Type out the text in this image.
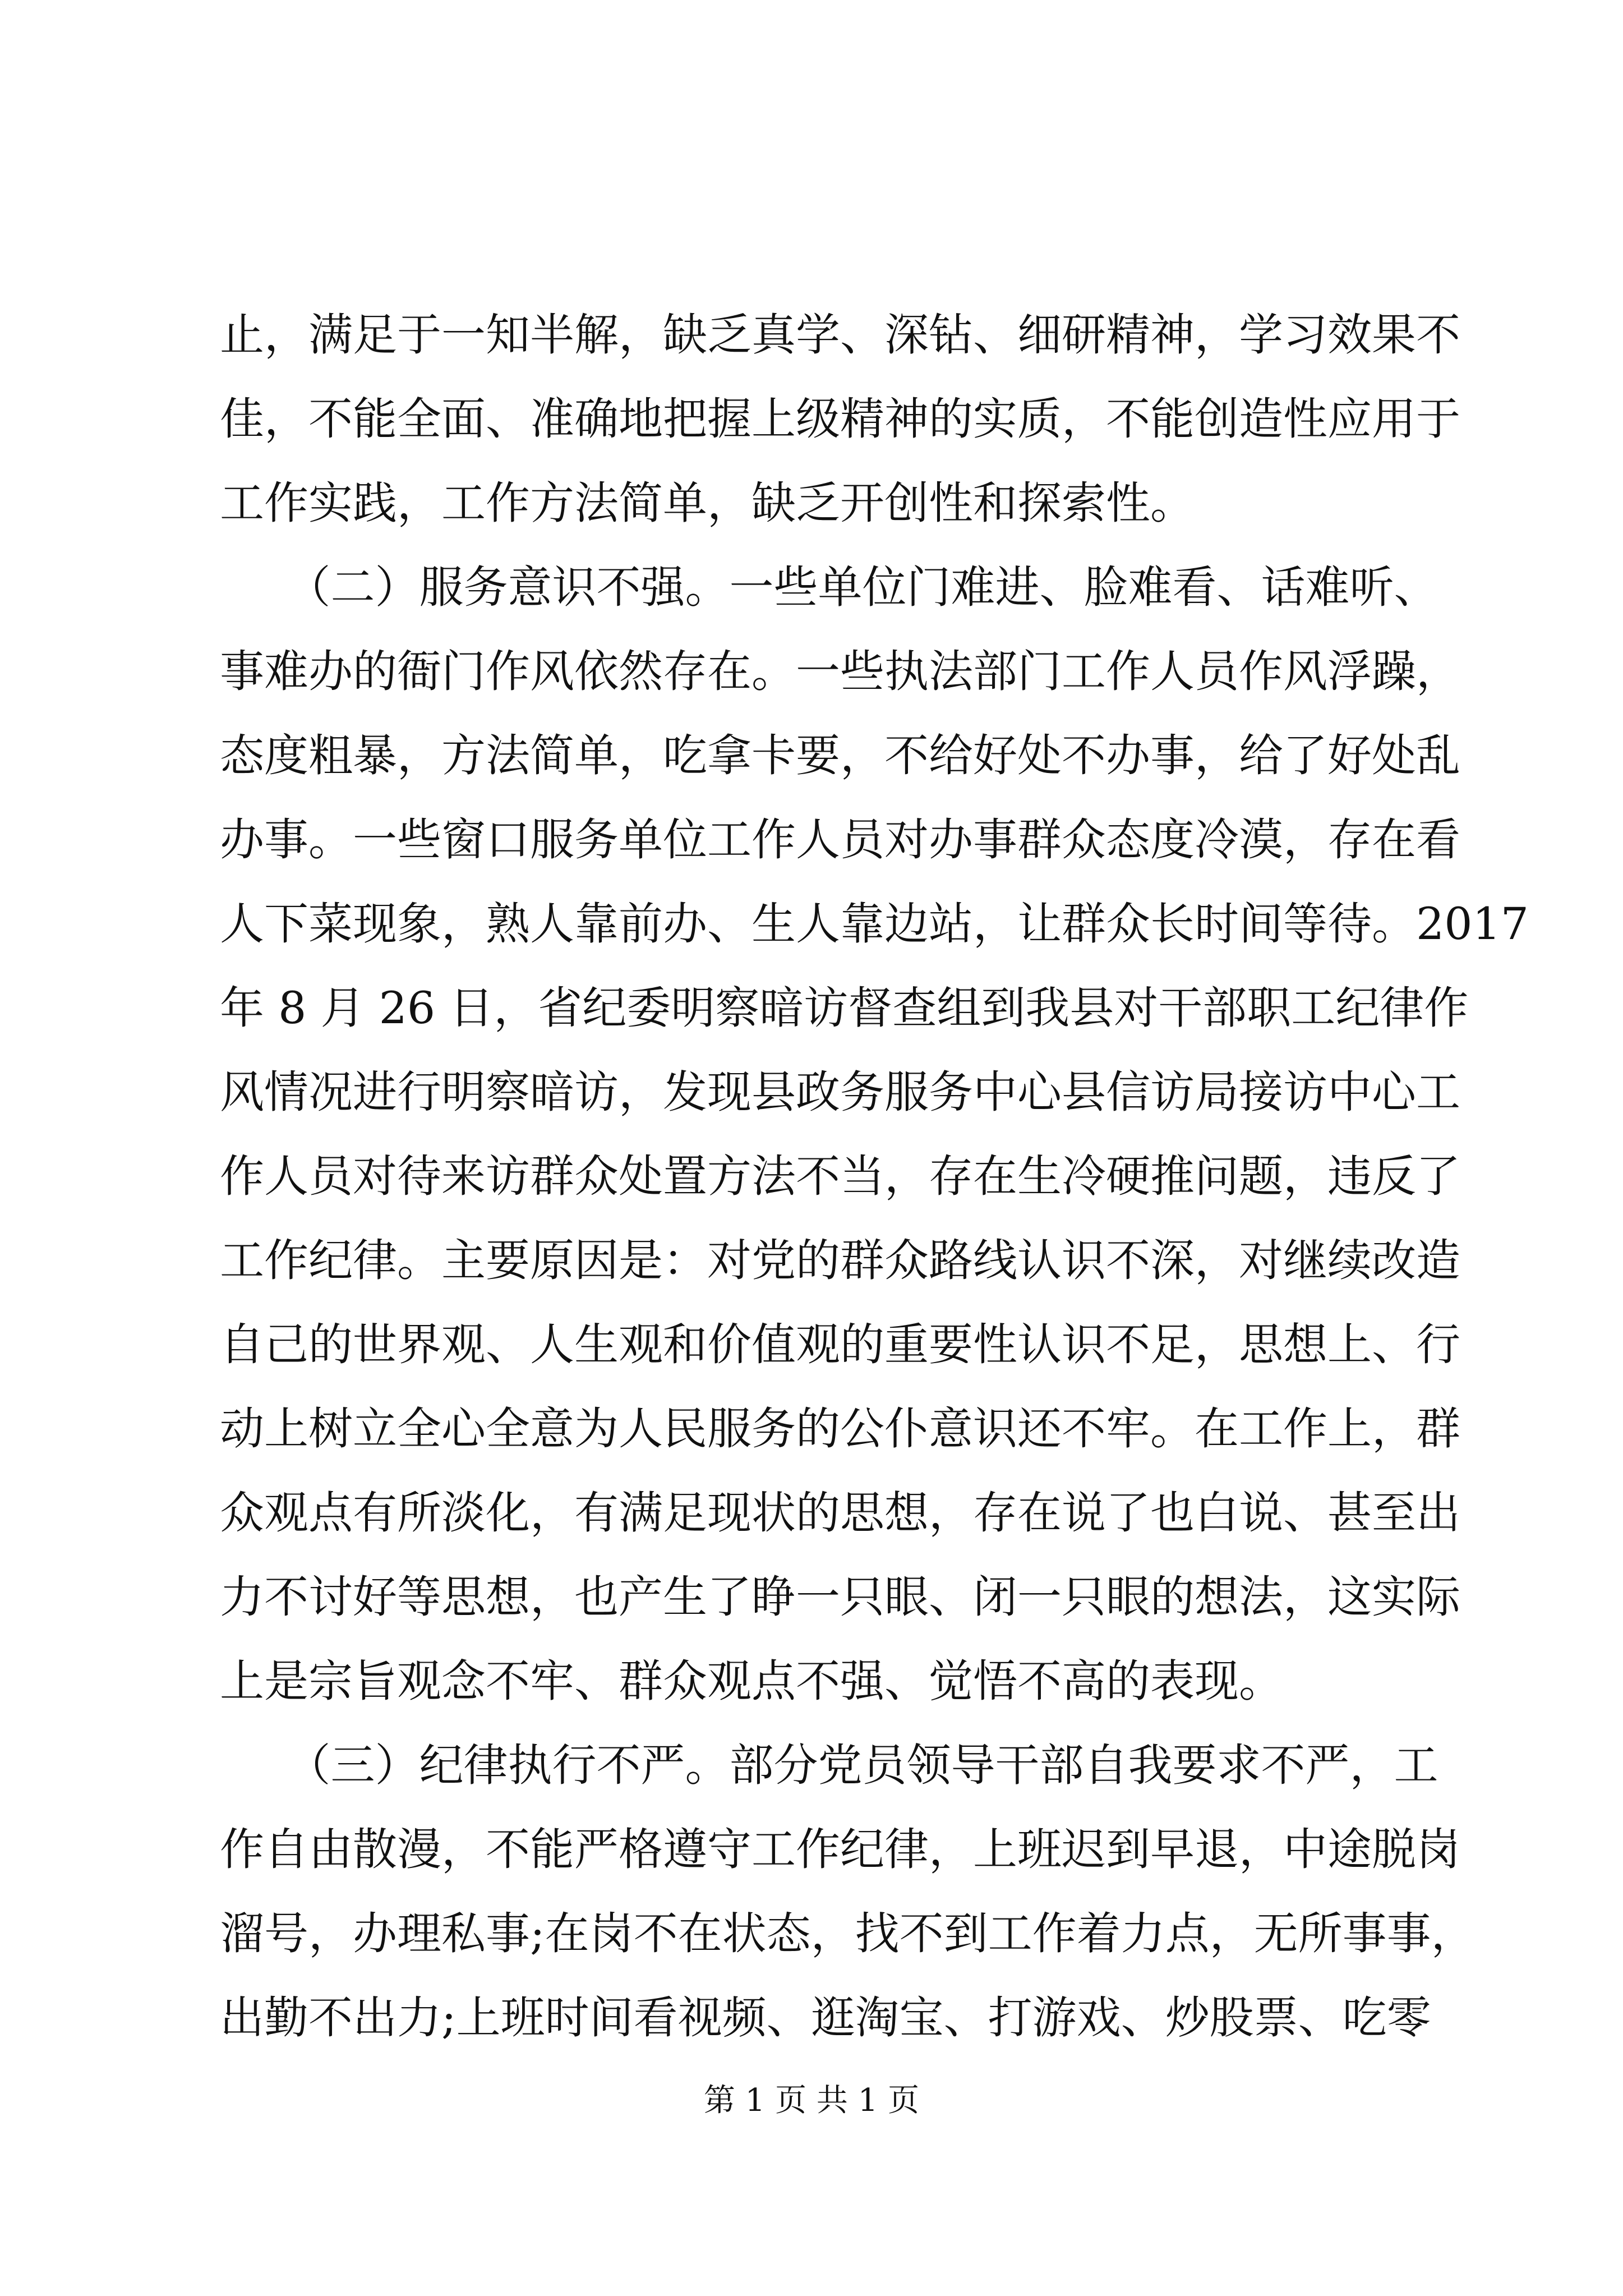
止，满足于一知半解，缺乏真学、深钻、细研精神，学习效果不
佳，不能全面、准确地把握上级精神的实质，不能创造性应用于
工作实践，工作方法简单，缺乏开创性和探索性。
　　（二）服务意识不强。一些单位门难进、脸难看、话难听、
事难办的衙门作风依然存在。一些执法部门工作人员作风浮躁，
态度粗暴，方法简单，吃拿卡要，不给好处不办事，给了好处乱
办事。一些窗口服务单位工作人员对办事群众态度冷漠，存在看
人下菜现象，熟人靠前办、生人靠边站，让群众长时间等待。2017
年 8 月 26 日，省纪委明察暗访督查组到我县对干部职工纪律作
风情况进行明察暗访，发现县政务服务中心县信访局接访中心工
作人员对待来访群众处置方法不当，存在生冷硬推问题，违反了
工作纪律。主要原因是：对党的群众路线认识不深，对继续改造
自己的世界观、人生观和价值观的重要性认识不足，思想上、行
动上树立全心全意为人民服务的公仆意识还不牢。在工作上，群
众观点有所淡化，有满足现状的思想，存在说了也白说、甚至出
力不讨好等思想，也产生了睁一只眼、闭一只眼的想法，这实际
上是宗旨观念不牢、群众观点不强、觉悟不高的表现。
　　（三）纪律执行不严。部分党员领导干部自我要求不严，工
作自由散漫，不能严格遵守工作纪律，上班迟到早退，中途脱岗
溜号，办理私事;在岗不在状态，找不到工作着力点，无所事事，
出勤不出力;上班时间看视频、逛淘宝、打游戏、炒股票、吃零
第 1 页 共 1 页
